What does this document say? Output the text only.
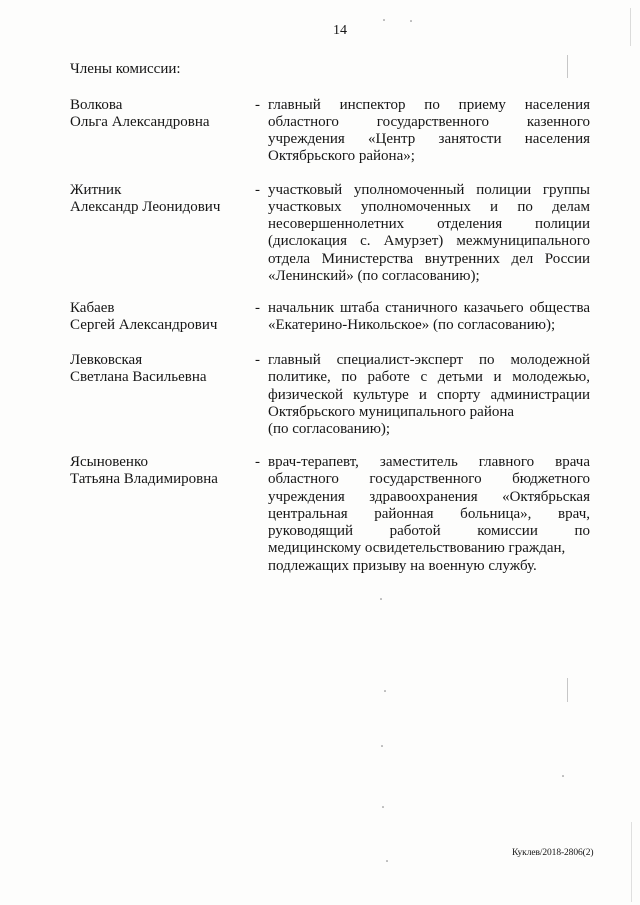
14
Члены комиссии:
Волкова
Ольга Александровна
- главный инспектор по приему населения
областного государственного казенного
учреждения «Центр занятости населения
Октябрьского района»;
Житник
Александр Леонидович
- участковый уполномоченный полиции группы
участковых уполномоченных и по делам
несовершеннолетних отделения полиции
(дислокация с. Амурзет) межмуниципального
отдела Министерства внутренних дел России
«Ленинский» (по согласованию);
Кабаев
Сергей Александрович
- начальник штаба станичного казачьего общества
«Екатерино-Никольское» (по согласованию);
Левковская
Светлана Васильевна
- главный специалист-эксперт по молодежной
политике, по работе с детьми и молодежью,
физической культуре и спорту администрации
Октябрьского муниципального района
(по согласованию);
Ясыновенко
Татьяна Владимировна
- врач-терапевт, заместитель главного врача
областного государственного бюджетного
учреждения здравоохранения «Октябрьская
центральная районная больница», врач,
руководящий работой комиссии по
медицинскому освидетельствованию граждан,
подлежащих призыву на военную службу.
Куклев/2018-2806(2)
